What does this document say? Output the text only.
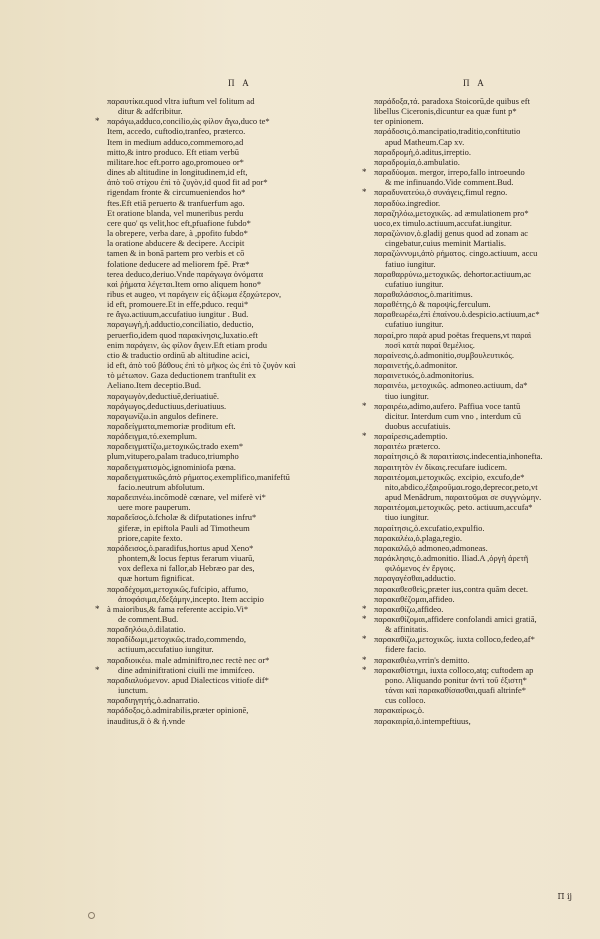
Π Α	Π Α
παραυτίκα.quod vltra iuftum vel folitum ad
ditur & adfcribitur.
* παράγω,adduco,concilio,ὡς φίλον ἄγω,duco te*
Item, accedo, cuftodio,tranfeo, præterco.
Item in medium adduco,commemoro,ad
mitto,& intro produco. Eft etiam verbū
militare.hoc eft.porro ago,promoueo or*
dines ab altitudine in longitudinem,id eft,
ἀπὸ τοῦ στίχου ἐπὶ τὸ ζυγὸν,id quod fit ad por*
rigendam fronte & circumueniendos ho*
ftes.Eft etiā peruerto & tranfuerfum ago.
Et oratione blanda, vel muneribus perdu
cere quo' qs velit,hoc eft,pfuafione fubdo*
la obrepere, verba dare, à ,ppofito fubdo*
la oratione abducere & decipere. Accipit
tamen & in bonā partem pro verbis et cō
folatione deducere ad meliorem fpē. Præ*
terea deduco,deriuo.Vnde παράγωγα ὀνόματα
καὶ ῥήματα λέγεται.Item orno aliquem hono*
ribus et augeo, vt παράγειν εἰς ἀξίωμα ἐξοχώτερον,
id eft, promouere.Et in effe,pduco. requi*
re ἄγω.actiuum,accufatiuo iungitur . Bud.
παραγωγὴ,ἡ.adductio,conciliatio, deductio,
peruerfio,idem quod παρακίνησις,luxatio.eft
enim παράγειν, ὡς φίλον ἄγειν.Eft etiam produ
ctio & traductio ordinū ab altitudine acici,
id eft, ἀπὸ τοῦ βάθους ἐπὶ τὸ μῆκος ὡς ἐπὶ τὸ ζυγὸν καὶ
τὸ μέτωπον. Gaza deductionem tranftulit ex
Aeliano.Item deceptio.Bud.
παραγωγὸν,deductiuē,deriuatiuē.
παράγωγος,deductiuus,deriuatiuus.
παραγωνίζω.in angulos definere.
παραδείγματα,memoriæ proditum eft.
παράδειγμα,τό.exemplum.
παραδειγματίζω,μετοχικῶς.trado exem*
plum,vitupero,palam traduco,triumpho
παραδειγματισμὸς,ignominiofa pœna.
παραδειγματικῶς,ἀπὸ ρήματος.exemplifico,manifeftū
facio.neutrum abfolutum.
παραδειπνέω.incōmodè cœnare, vel miferè vi*
uere more pauperum.
παραδεῖσος,ὁ.fcholæ & difputationes infru*
giferæ, in epiftola Pauli ad Timotheum
priore,capite fexto.
παράδεισος,ὁ.paradifus,hortus apud Xeno*
phontem,& locus feptus ferarum viuarū,
vox deflexa ni fallor,ab Hebræo par des,
quæ hortum fignificat.
παραδέχομαι,μετοχικῶς.fufcipio, affumo,
ἀποφάσιμα,ἐδεξάμην,incepto. Item accipio
* à maioribus,& fama referente accipio.Vi*
de comment.Bud.
παραδηλόω,ὁ.dilatatio.
παραδίδωμι,μετοχικῶς.trado,commendo,
actiuum,accufatiuo iungitur.
παραδιοικέω. male adminiftro,nec rectè nec or*
* dine adminiftrationi ciuili me immifceo.
παραδιαλυόμενον. apud Dialecticos vitiofe dif*
iunctum.
παραδιηγητής,ὁ.adnarratio.
παράδοξος,ὁ.admirabilis,præter opinionē,
inauditus,ἃ ὁ & ἡ.vnde
παράδοξα,τά. paradoxa Stoicorū,de quibus eft
libellus Ciceronis,dicuntur ea quæ funt p*
ter opinionem.
παράδοσις,ὁ.mancipatio,traditio,conftitutio
apud Matheum.Cap xv.
παραδρομὴ,ὁ.aditus,irreptio.
παραδρομία,ὁ.ambulatio.
* παραδύομαι. mergor, irrepo,fallo introeundo
& me infinuando.Vide comment.Bud.
* παραδυνατεύω,ὁ συνάγεις,fimul regno.
παραδύω.ingredior.
παραζηλόω,μετοχικῶς. ad æmulationem pro*
uoco,ex timulo.actiuum,accufat.iungitur.
παραζώνιον,ὁ.gladij genus quod ad zonam ac
cingebatur,cuius meminit Martialis.
παραζώννυμι,ἀπὸ ρήματος. cingo.actiuum, accu
fatiuo iungitur.
παραθαρρύνω,μετοχικῶς. dehortor.actiuum,ac
cufatiuo iungitur.
παραθαλάσσιος,ὁ.maritimus.
παραθέτης,ὁ & παροψίς,ferculum.
παραθεωρέω,ἐπὶ ἐπαίνου.ὁ.despicio.actiuum,ac*
cufatiuo iungitur.
παραί,pro παρὰ apud poëtas frequens,vt παραὶ
ποσὶ κατὰ παραί θεμέλιος.
παραίνεσις,ὁ.admonitio,συμβουλευτικός.
παραινετής,ὁ.admonitor.
παραινετικός,ὁ.admonitorius.
παραινέω, μετοχικῶς. admoneo.actiuum, da*
tiuo iungitur.
* παραιρέω,adimo,aufero. Paffiua voce tantū
dicitur. Interdum cum vno , interdum cū
duobus accufatiuis.
* παραίρεσις,ademptio.
παραιτέω præterco.
παραίτησις,ὁ & παραιτίασις.indecentia,inhonefta.
παραιτητὸν ἐν δίκαις.recufare iudicem.
παραιτέομαι,μετοχικῶς. excipio, excufo,de*
nito,abdico,ἐξαιροῦμαι.rogo,deprecor,peto,vt
apud Menādrum, παραιτοῦμαι σε συγγνώμην.
παραιτέομαι,μετοχικῶς. peto. actiuum,accufa*
tiuo iungitur.
παραίτησις,ὁ.excufatio,expulfio.
παρακαλέω,ὁ.plaga,regio.
παρακαλῶ,ὁ admoneo,admoneas.
παράκλησις,ὁ.admonitio. Iliad.Α ,ὀργὴ ἀρετῆ
φιλόμενος ἐν ἔργοις.
παραγαγέσθαι,adductio.
παρακαθεσθεὶς,præter ius,contra quām decet.
παρακαθέζομαι,affideo.
* παρακαθίζω,affideo.
* παρακαθίζομαι,affidere confolandi amici gratiā,
& affinitatis.
* παρακαθίζω,μετοχικῶς. iuxta colloco,fedeo,af*
fidere facio.
* παρακαθιέω,vrrin's demitto.
* παρακαθίστημι, iuxta colloco,atq; cuftodem ap
pono. Aliquando ponitur ἀντὶ τοῦ ἐξιστη*
τάναι καὶ παρακαθίσασθαι,quafi altrinfe*
cus colloco.
παρακαίρως,ὁ.
παρακαιρία,ὁ.intempeftiuus,
Π ij
